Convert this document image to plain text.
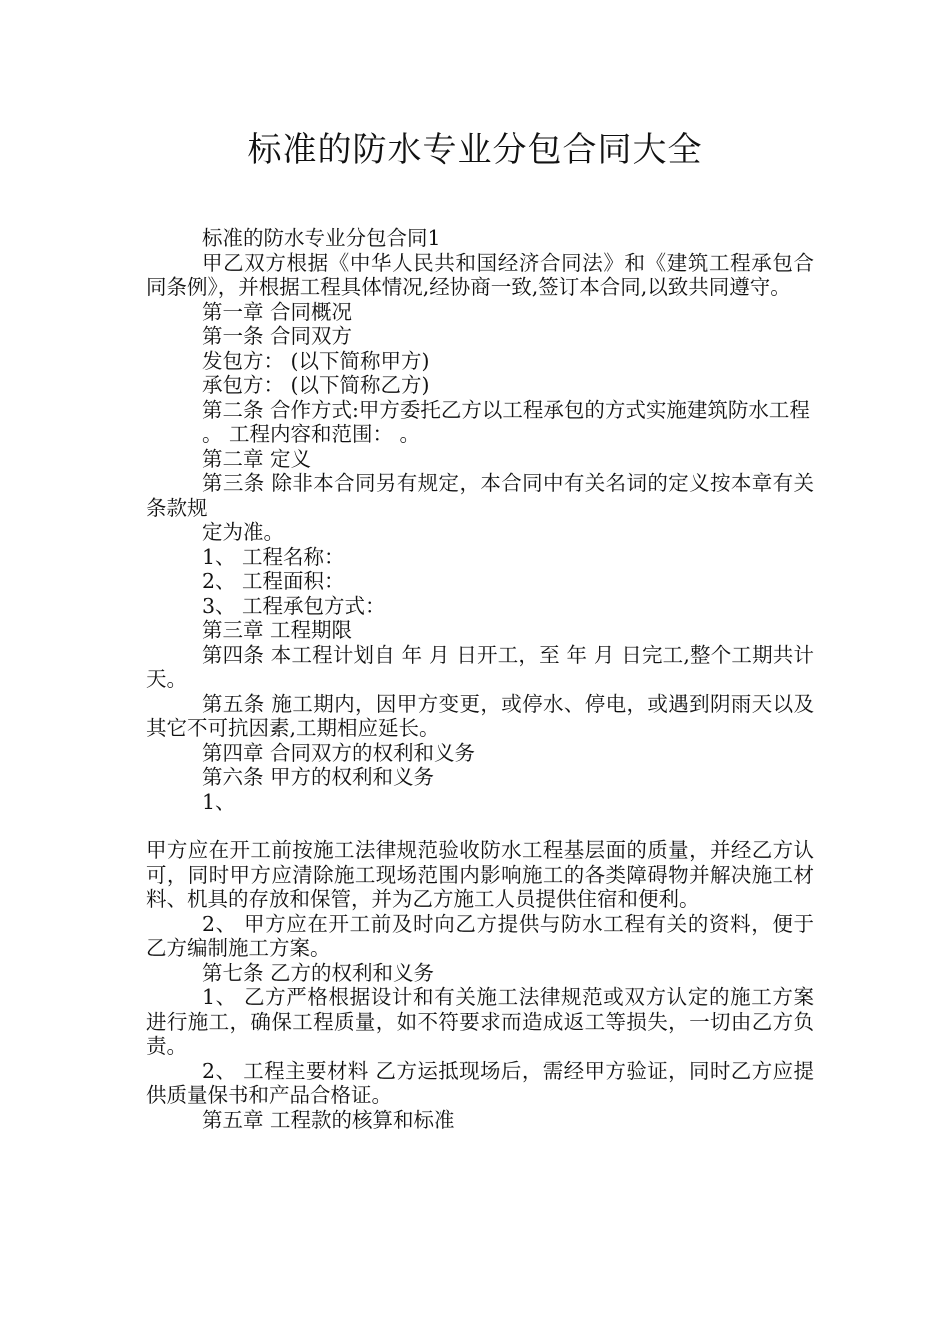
标准的防水专业分包合同大全

标准的防水专业分包合同1

甲乙双方根据《中华人民共和国经济合同法》和《建筑工程承包合同条例》，并根据工程具体情况,经协商一致,签订本合同,以致共同遵守。

第一章 合同概况

第一条 合同双方

发包方： (以下简称甲方)

承包方： (以下简称乙方)

第二条 合作方式:甲方委托乙方以工程承包的方式实施建筑防水工程

。 工程内容和范围： 。

第二章 定义

第三条 除非本合同另有规定，本合同中有关名词的定义按本章有关条款规

定为准。

1、 工程名称：

2、 工程面积：

3、 工程承包方式：

第三章 工程期限

第四条 本工程计划自 年 月 日开工，至 年 月 日完工,整个工期共计 天。

第五条 施工期内，因甲方变更，或停水、停电，或遇到阴雨天以及其它不可抗因素,工期相应延长。

第四章 合同双方的权利和义务

第六条 甲方的权利和义务

1、

甲方应在开工前按施工法律规范验收防水工程基层面的质量，并经乙方认可，同时甲方应清除施工现场范围内影响施工的各类障碍物并解决施工材料、机具的存放和保管，并为乙方施工人员提供住宿和便利。

2、 甲方应在开工前及时向乙方提供与防水工程有关的资料，便于乙方编制施工方案。

第七条 乙方的权利和义务

1、 乙方严格根据设计和有关施工法律规范或双方认定的施工方案进行施工，确保工程质量，如不符要求而造成返工等损失，一切由乙方负责。

2、 工程主要材料 乙方运抵现场后，需经甲方验证，同时乙方应提供质量保书和产品合格证。

第五章 工程款的核算和标准
